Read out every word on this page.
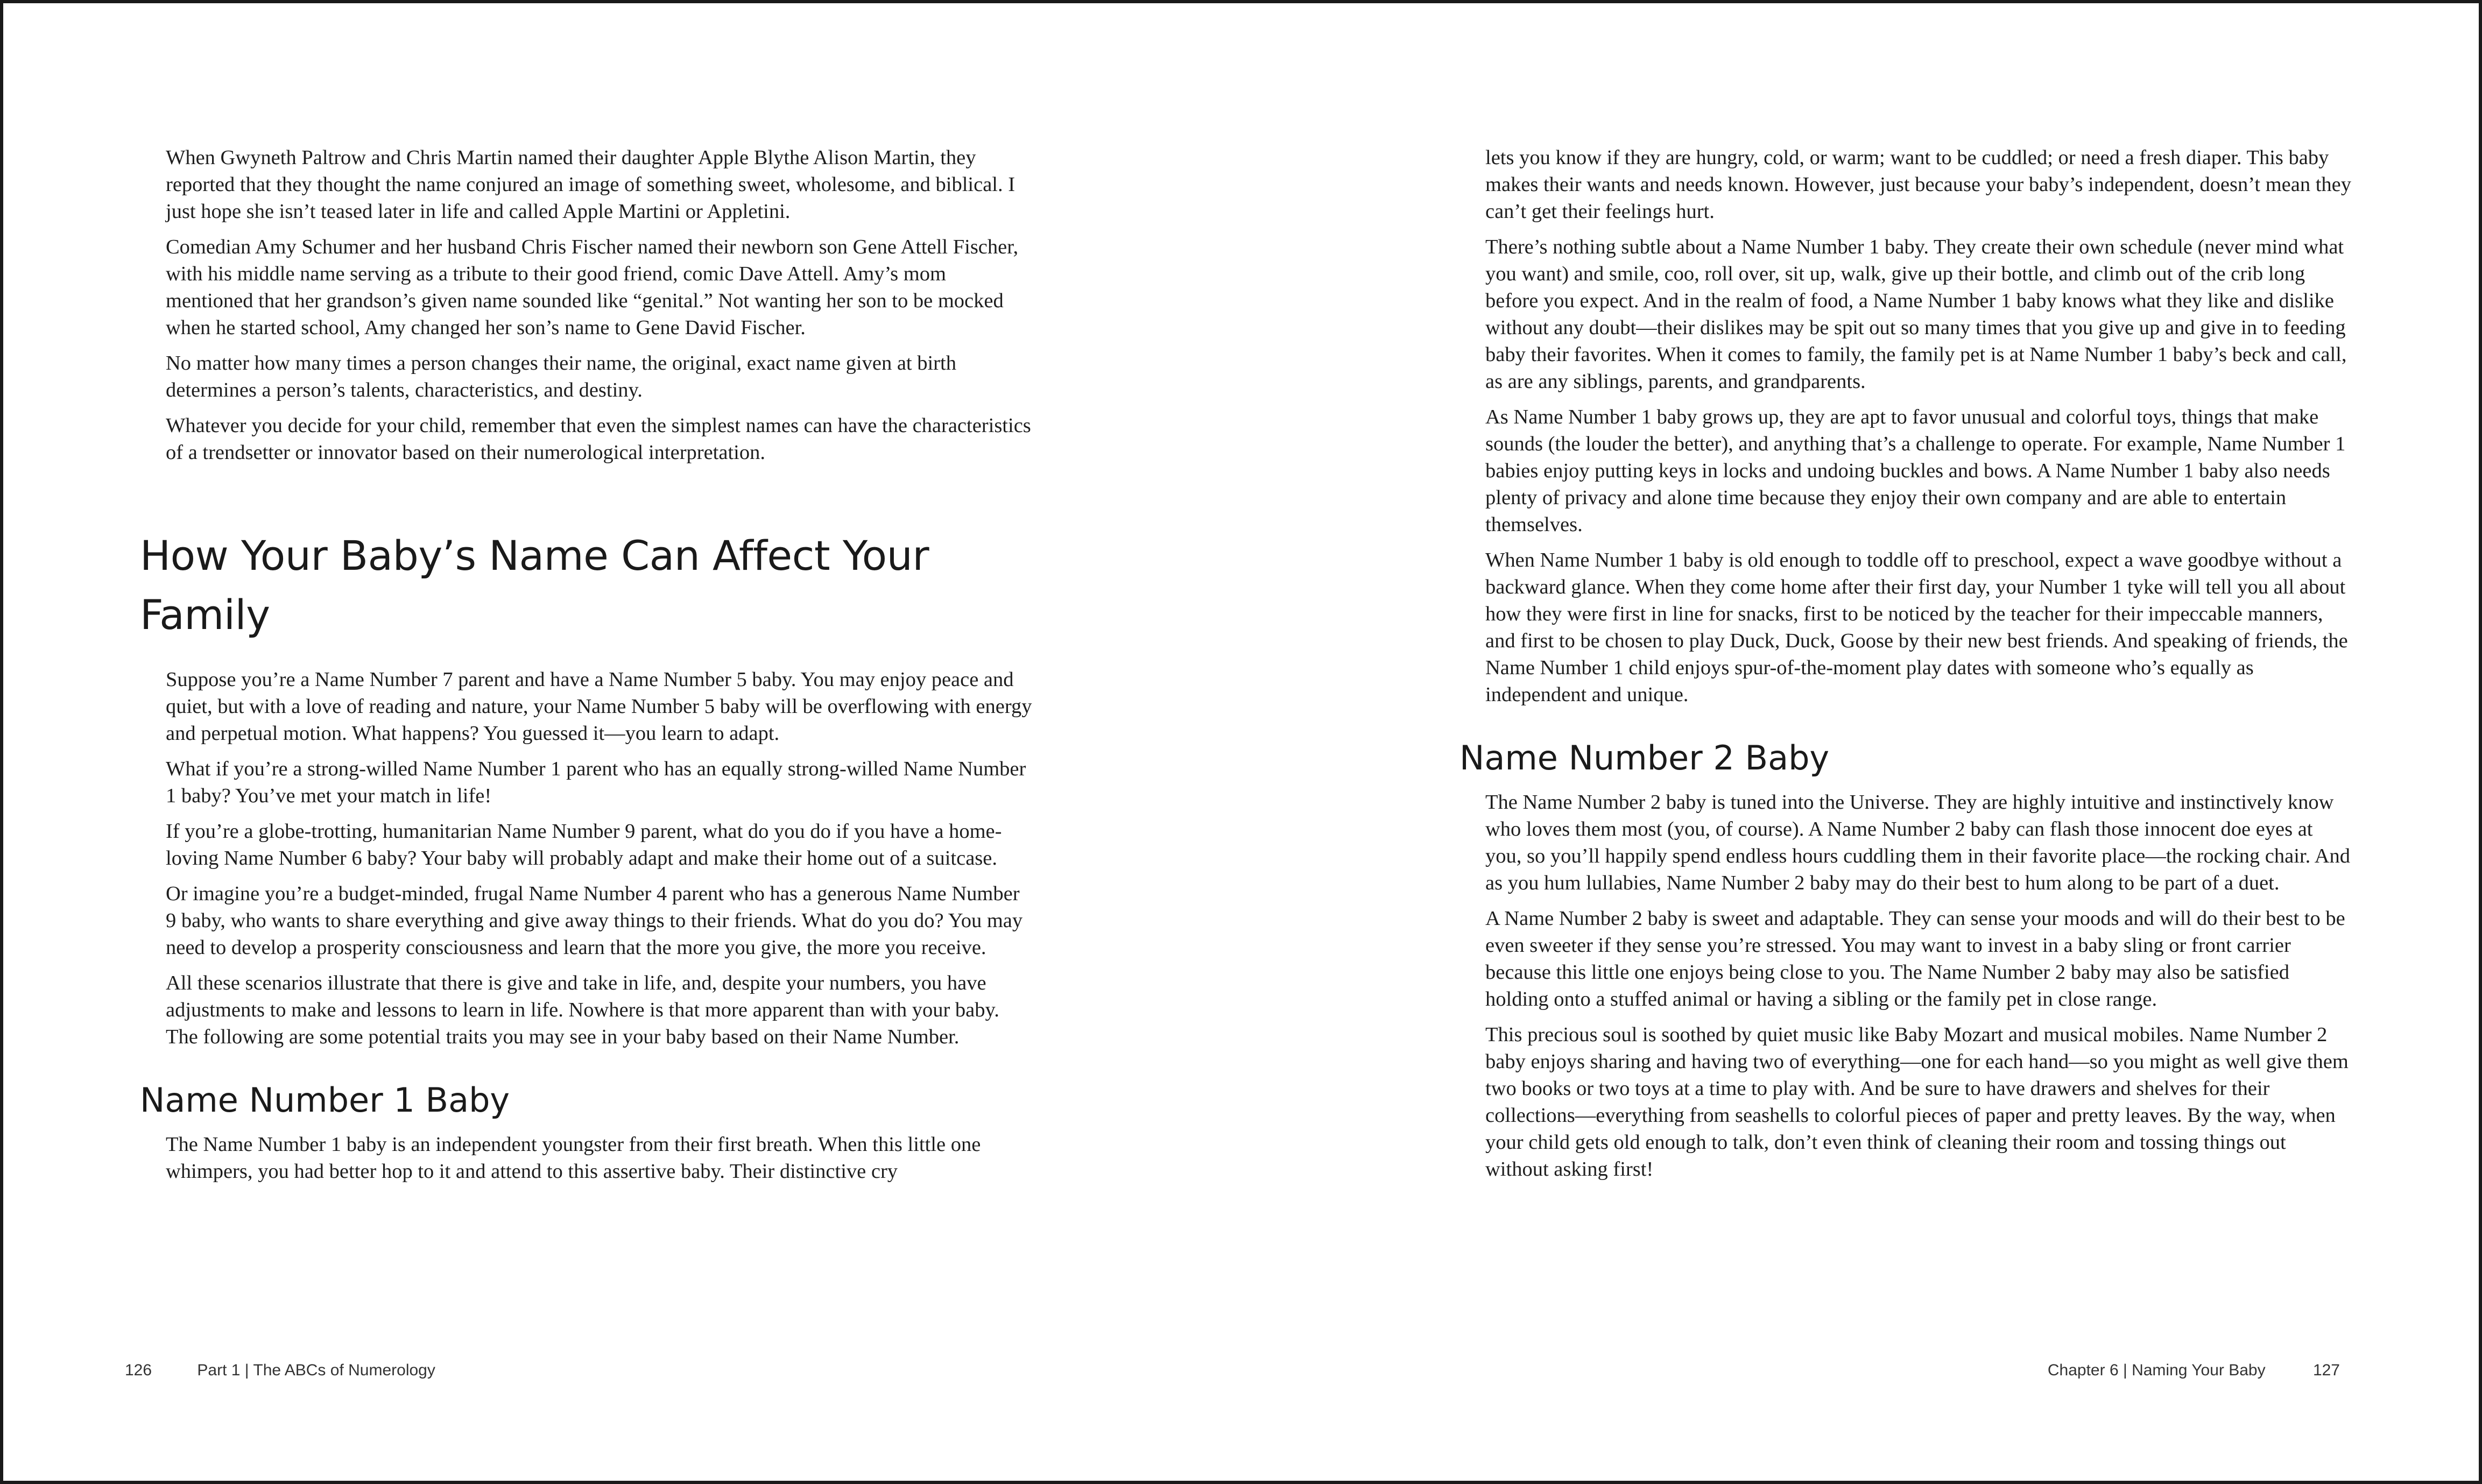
When Gwyneth Paltrow and Chris Martin named their daughter Apple Blythe Alison Martin, they reported that they thought the name conjured an image of something sweet, wholesome, and biblical. I just hope she isn’t teased later in life and called Apple Martini or Appletini.

Comedian Amy Schumer and her husband Chris Fischer named their newborn son Gene Attell Fischer, with his middle name serving as a tribute to their good friend, comic Dave Attell. Amy’s mom mentioned that her grandson’s given name sounded like “genital.” Not wanting her son to be mocked when he started school, Amy changed her son’s name to Gene David Fischer.

No matter how many times a person changes their name, the original, exact name given at birth determines a person’s talents, characteristics, and destiny.

Whatever you decide for your child, remember that even the simplest names can have the characteristics of a trendsetter or innovator based on their numerological interpretation.

How Your Baby’s Name Can Affect Your Family

Suppose you’re a Name Number 7 parent and have a Name Number 5 baby. You may enjoy peace and quiet, but with a love of reading and nature, your Name Number 5 baby will be overflowing with energy and perpetual motion. What happens? You guessed it—you learn to adapt.

What if you’re a strong-willed Name Number 1 parent who has an equally strong-willed Name Number 1 baby? You’ve met your match in life!

If you’re a globe-trotting, humanitarian Name Number 9 parent, what do you do if you have a home-loving Name Number 6 baby? Your baby will probably adapt and make their home out of a suitcase.

Or imagine you’re a budget-minded, frugal Name Number 4 parent who has a generous Name Number 9 baby, who wants to share everything and give away things to their friends. What do you do? You may need to develop a prosperity consciousness and learn that the more you give, the more you receive.

All these scenarios illustrate that there is give and take in life, and, despite your numbers, you have adjustments to make and lessons to learn in life. Nowhere is that more apparent than with your baby. The following are some potential traits you may see in your baby based on their Name Number.

Name Number 1 Baby

The Name Number 1 baby is an independent youngster from their first breath. When this little one whimpers, you had better hop to it and attend to this assertive baby. Their distinctive cry

126	Part 1 | The ABCs of Numerology

lets you know if they are hungry, cold, or warm; want to be cuddled; or need a fresh diaper. This baby makes their wants and needs known. However, just because your baby’s independent, doesn’t mean they can’t get their feelings hurt.

There’s nothing subtle about a Name Number 1 baby. They create their own schedule (never mind what you want) and smile, coo, roll over, sit up, walk, give up their bottle, and climb out of the crib long before you expect. And in the realm of food, a Name Number 1 baby knows what they like and dislike without any doubt—their dislikes may be spit out so many times that you give up and give in to feeding baby their favorites. When it comes to family, the family pet is at Name Number 1 baby’s beck and call, as are any siblings, parents, and grandparents.

As Name Number 1 baby grows up, they are apt to favor unusual and colorful toys, things that make sounds (the louder the better), and anything that’s a challenge to operate. For example, Name Number 1 babies enjoy putting keys in locks and undoing buckles and bows. A Name Number 1 baby also needs plenty of privacy and alone time because they enjoy their own company and are able to entertain themselves.

When Name Number 1 baby is old enough to toddle off to preschool, expect a wave goodbye without a backward glance. When they come home after their first day, your Number 1 tyke will tell you all about how they were first in line for snacks, first to be noticed by the teacher for their impeccable manners, and first to be chosen to play Duck, Duck, Goose by their new best friends. And speaking of friends, the Name Number 1 child enjoys spur-of-the-moment play dates with someone who’s equally as independent and unique.

Name Number 2 Baby

The Name Number 2 baby is tuned into the Universe. They are highly intuitive and instinctively know who loves them most (you, of course). A Name Number 2 baby can flash those innocent doe eyes at you, so you’ll happily spend endless hours cuddling them in their favorite place—the rocking chair. And as you hum lullabies, Name Number 2 baby may do their best to hum along to be part of a duet.

A Name Number 2 baby is sweet and adaptable. They can sense your moods and will do their best to be even sweeter if they sense you’re stressed. You may want to invest in a baby sling or front carrier because this little one enjoys being close to you. The Name Number 2 baby may also be satisfied holding onto a stuffed animal or having a sibling or the family pet in close range.

This precious soul is soothed by quiet music like Baby Mozart and musical mobiles. Name Number 2 baby enjoys sharing and having two of everything—one for each hand—so you might as well give them two books or two toys at a time to play with. And be sure to have drawers and shelves for their collections—everything from seashells to colorful pieces of paper and pretty leaves. By the way, when your child gets old enough to talk, don’t even think of cleaning their room and tossing things out without asking first!

Chapter 6 | Naming Your Baby	127
